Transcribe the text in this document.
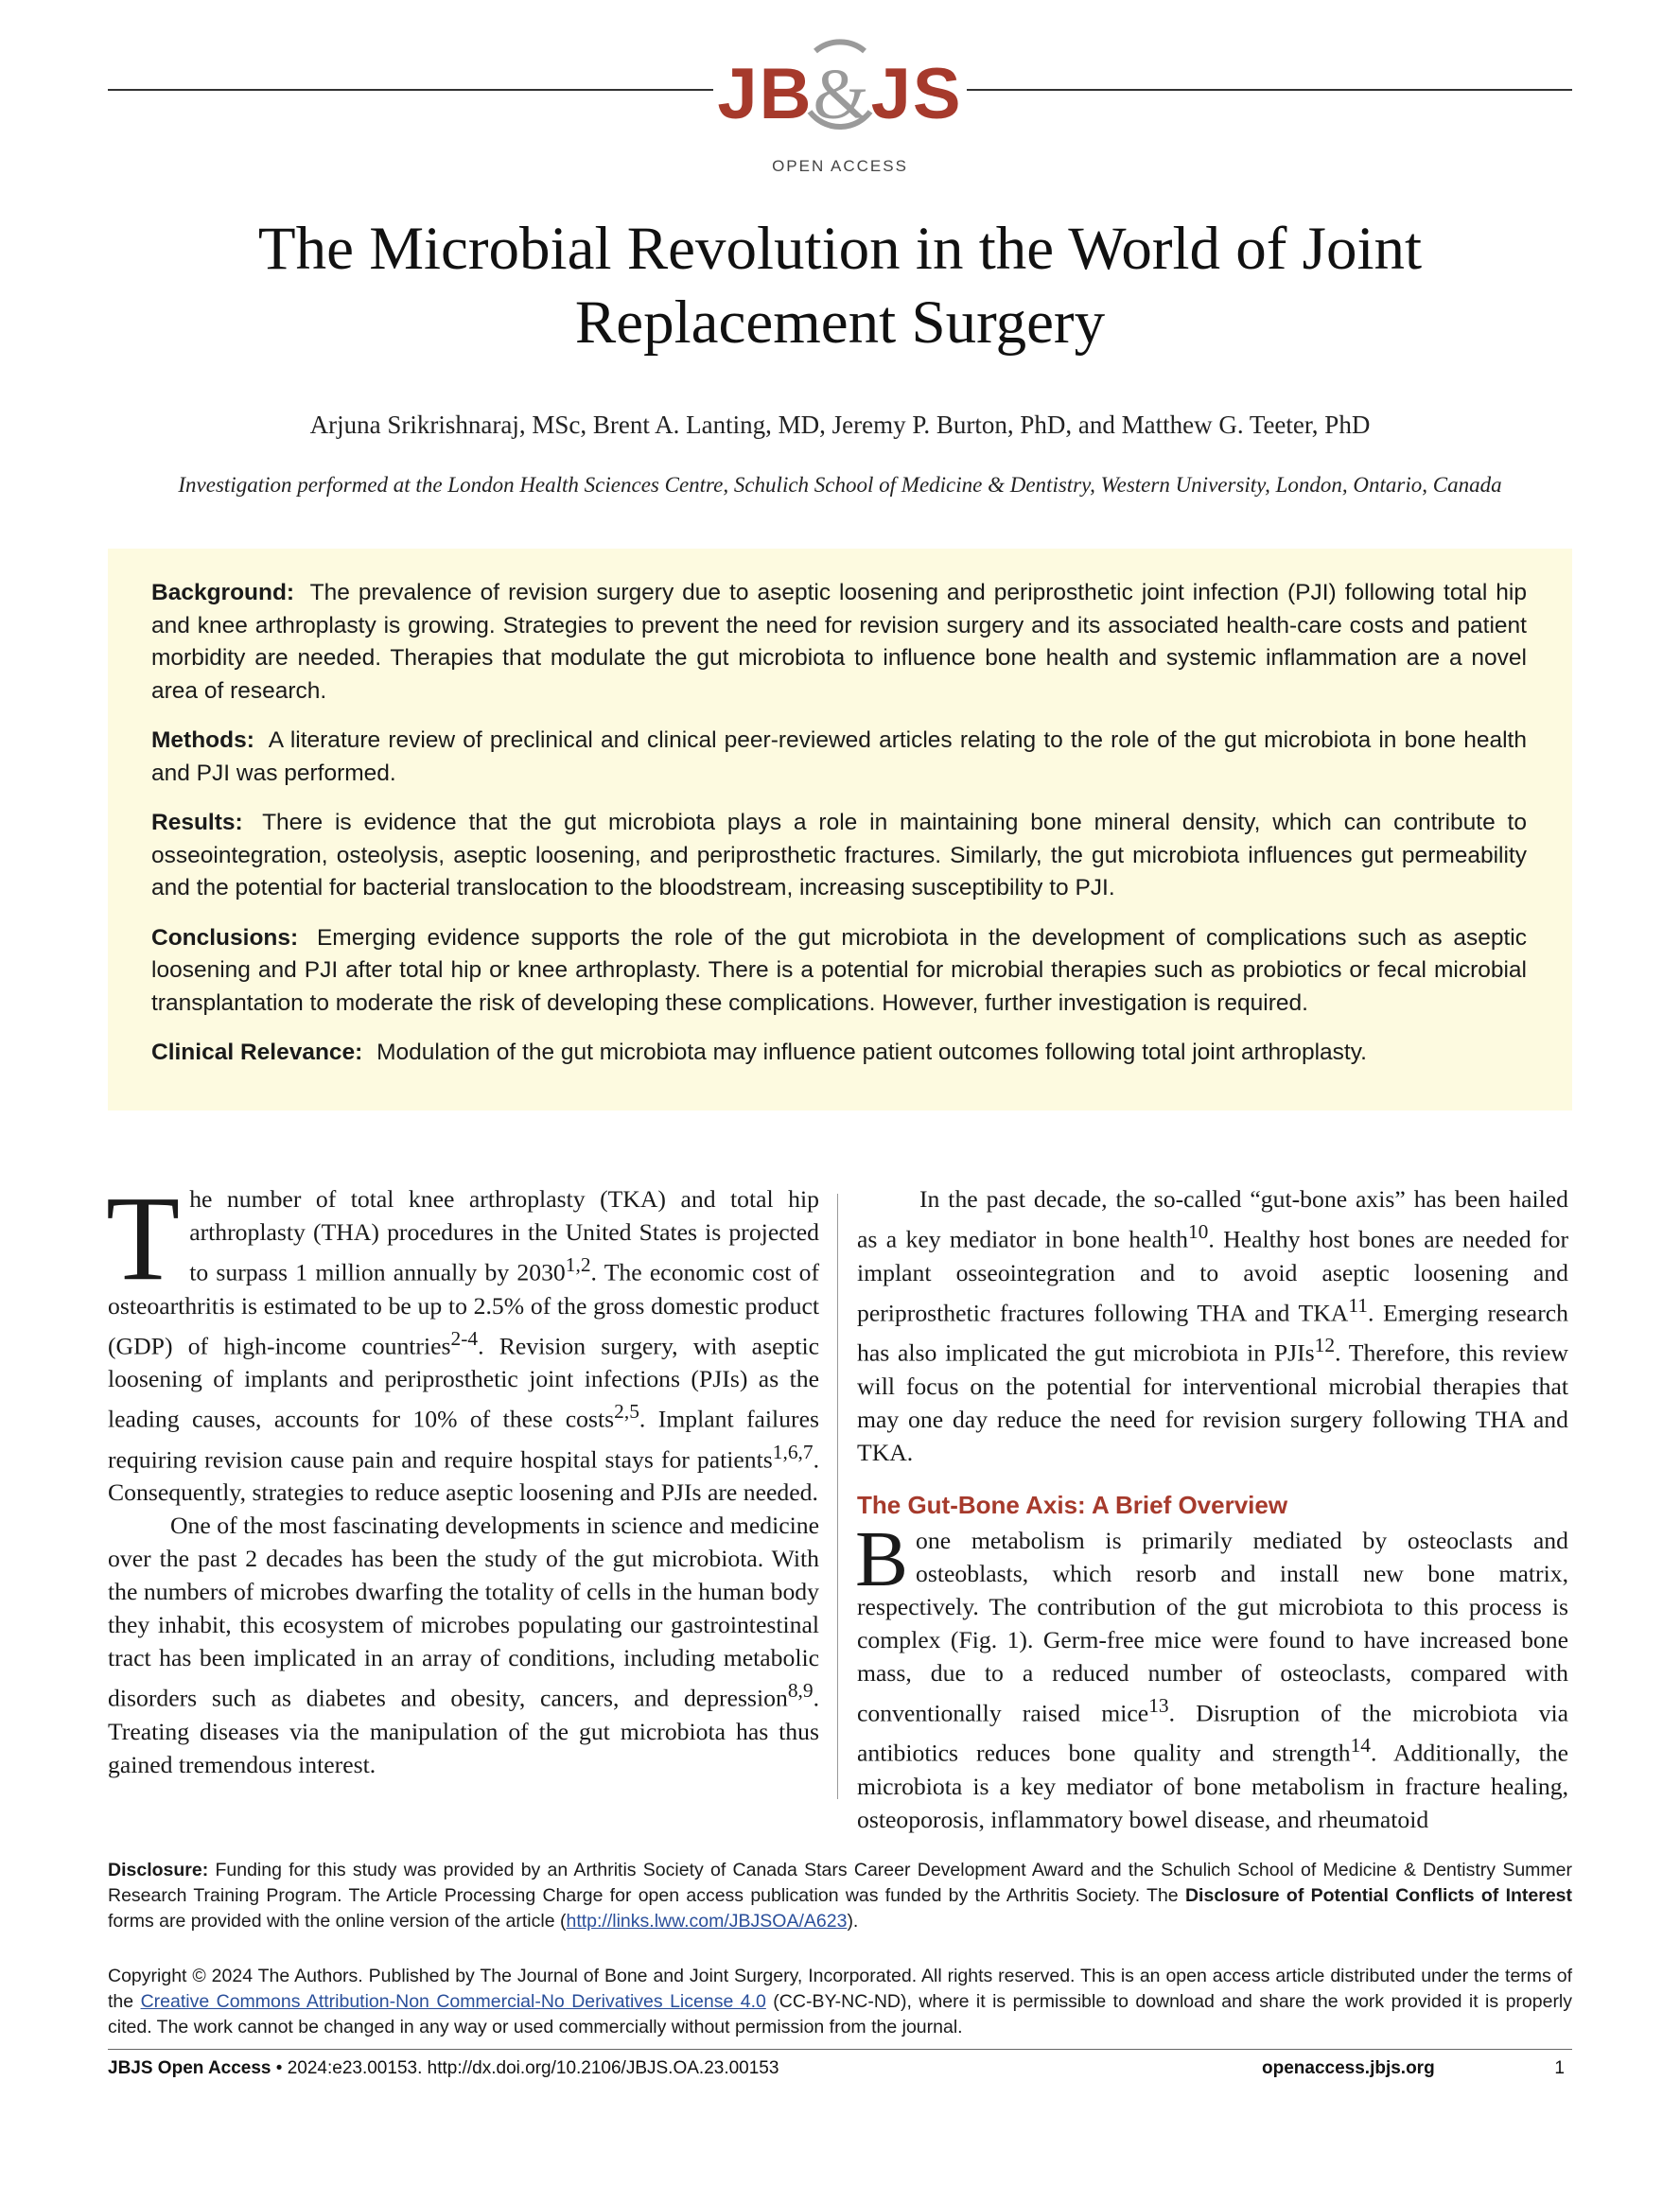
JB&JS
OPEN ACCESS
The Microbial Revolution in the World of Joint
Replacement Surgery
Arjuna Srikrishnaraj, MSc, Brent A. Lanting, MD, Jeremy P. Burton, PhD, and Matthew G. Teeter, PhD
Investigation performed at the London Health Sciences Centre, Schulich School of Medicine & Dentistry, Western University, London, Ontario, Canada

Background: The prevalence of revision surgery due to aseptic loosening and periprosthetic joint infection (PJI) following total hip and knee arthroplasty is growing. Strategies to prevent the need for revision surgery and its associated health-care costs and patient morbidity are needed. Therapies that modulate the gut microbiota to influence bone health and systemic inflammation are a novel area of research.

Methods: A literature review of preclinical and clinical peer-reviewed articles relating to the role of the gut microbiota in bone health and PJI was performed.

Results: There is evidence that the gut microbiota plays a role in maintaining bone mineral density, which can contribute to osseointegration, osteolysis, aseptic loosening, and periprosthetic fractures. Similarly, the gut microbiota influences gut permeability and the potential for bacterial translocation to the bloodstream, increasing susceptibility to PJI.

Conclusions: Emerging evidence supports the role of the gut microbiota in the development of complications such as aseptic loosening and PJI after total hip or knee arthroplasty. There is a potential for microbial therapies such as probiotics or fecal microbial transplantation to moderate the risk of developing these complications. However, further investigation is required.

Clinical Relevance: Modulation of the gut microbiota may influence patient outcomes following total joint arthroplasty.

The number of total knee arthroplasty (TKA) and total hip arthroplasty (THA) procedures in the United States is projected to surpass 1 million annually by 2030$^{1,2}$. The economic cost of osteoarthritis is estimated to be up to 2.5% of the gross domestic product (GDP) of high-income countries$^{2-4}$. Revision surgery, with aseptic loosening of implants and periprosthetic joint infections (PJIs) as the leading causes, accounts for 10% of these costs$^{2,5}$. Implant failures requiring revision cause pain and require hospital stays for patients$^{1,6,7}$. Consequently, strategies to reduce aseptic loosening and PJIs are needed.

One of the most fascinating developments in science and medicine over the past 2 decades has been the study of the gut microbiota. With the numbers of microbes dwarfing the totality of cells in the human body they inhabit, this ecosystem of microbes populating our gastrointestinal tract has been implicated in an array of conditions, including metabolic disorders such as diabetes and obesity, cancers, and depression$^{8,9}$. Treating diseases via the manipulation of the gut microbiota has thus gained tremendous interest.

In the past decade, the so-called “gut-bone axis” has been hailed as a key mediator in bone health$^{10}$. Healthy host bones are needed for implant osseointegration and to avoid aseptic loosening and periprosthetic fractures following THA and TKA$^{11}$. Emerging research has also implicated the gut microbiota in PJIs$^{12}$. Therefore, this review will focus on the potential for interventional microbial therapies that may one day reduce the need for revision surgery following THA and TKA.

The Gut-Bone Axis: A Brief Overview

Bone metabolism is primarily mediated by osteoclasts and osteoblasts, which resorb and install new bone matrix, respectively. The contribution of the gut microbiota to this process is complex (Fig. 1). Germ-free mice were found to have increased bone mass, due to a reduced number of osteoclasts, compared with conventionally raised mice$^{13}$. Disruption of the microbiota via antibiotics reduces bone quality and strength$^{14}$. Additionally, the microbiota is a key mediator of bone metabolism in fracture healing, osteoporosis, inflammatory bowel disease, and rheumatoid

Disclosure: Funding for this study was provided by an Arthritis Society of Canada Stars Career Development Award and the Schulich School of Medicine & Dentistry Summer Research Training Program. The Article Processing Charge for open access publication was funded by the Arthritis Society. The Disclosure of Potential Conflicts of Interest forms are provided with the online version of the article (http://links.lww.com/JBJSOA/A623).

Copyright © 2024 The Authors. Published by The Journal of Bone and Joint Surgery, Incorporated. All rights reserved. This is an open access article distributed under the terms of the Creative Commons Attribution-Non Commercial-No Derivatives License 4.0 (CC-BY-NC-ND), where it is permissible to download and share the work provided it is properly cited. The work cannot be changed in any way or used commercially without permission from the journal.

JBJS Open Access • 2024:e23.00153. http://dx.doi.org/10.2106/JBJS.OA.23.00153	openaccess.jbjs.org	1
